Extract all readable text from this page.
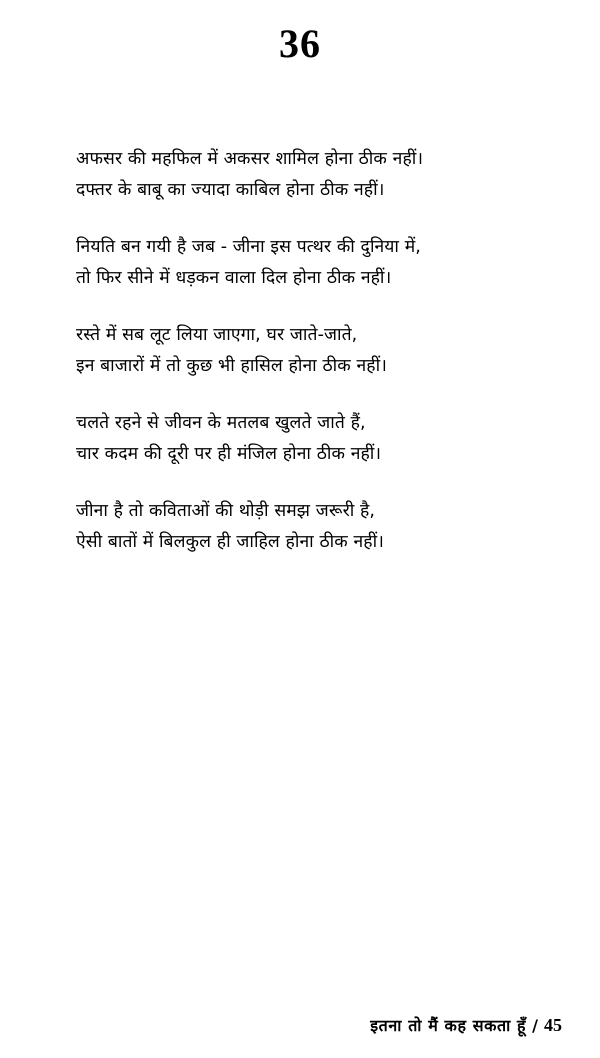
36
अफसर की महफिल में अकसर शामिल होना ठीक नहीं।
दफ्तर के बाबू का ज्यादा काबिल होना ठीक नहीं।
नियति बन गयी है जब - जीना इस पत्थर की दुनिया में,
तो फिर सीने में धड़कन वाला दिल होना ठीक नहीं।
रस्ते में सब लूट लिया जाएगा, घर जाते-जाते,
इन बाजारों में तो कुछ भी हासिल होना ठीक नहीं।
चलते रहने से जीवन के मतलब खुलते जाते हैं,
चार कदम की दूरी पर ही मंजिल होना ठीक नहीं।
जीना है तो कविताओं की थोड़ी समझ जरूरी है,
ऐसी बातों में बिलकुल ही जाहिल होना ठीक नहीं।
इतना तो मैं कह सकता हूँ / 45
